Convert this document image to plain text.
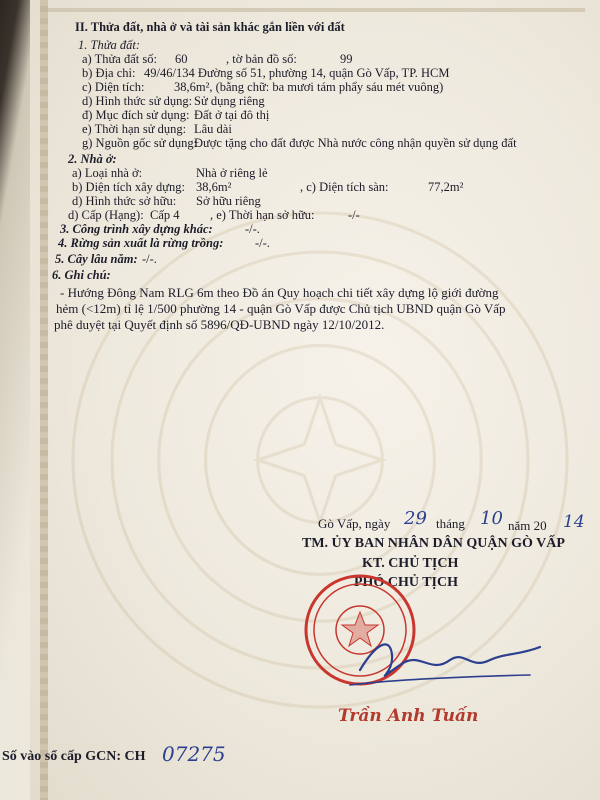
II. Thửa đất, nhà ở và tài sản khác gắn liền với đất
1. Thửa đất:
a) Thửa đất số: 60	, tờ bản đồ số:	99
b) Địa chỉ: 49/46/134 Đường số 51, phường 14, quận Gò Vấp, TP. HCM
c) Diện tích: 38,6m², (bằng chữ: ba mươi tám phẩy sáu mét vuông)
d) Hình thức sử dụng: Sử dụng riêng
đ) Mục đích sử dụng: Đất ở tại đô thị
e) Thời hạn sử dụng: Lâu dài
g) Nguồn gốc sử dụng:
Được tặng cho đất được Nhà nước công nhận quyền sử dụng đất
2. Nhà ở:
a) Loại nhà ở:	Nhà ở riêng lẻ
b) Diện tích xây dựng: 38,6m²	, c) Diện tích sàn:	77,2m²
d) Hình thức sở hữu: Sở hữu riêng
d) Cấp (Hạng): Cấp 4 , e) Thời hạn sở hữu:	-/-
3. Công trình xây dựng khác:	-/-.
4. Rừng sản xuất là rừng trồng:	-/-.
5. Cây lâu năm: -/-.
6. Ghi chú:
- Hướng Đông Nam RLG 6m theo Đồ án Quy hoạch chi tiết xây dựng lộ giới đường
hẻm (<12m) tỉ lệ 1/500 phường 14 - quận Gò Vấp được Chủ tịch UBND quận Gò Vấp
phê duyệt tại Quyết định số 5896/QĐ-UBND ngày 12/10/2012.
Gò Vấp, ngày 29 tháng 10 năm 20 14
TM. ỦY BAN NHÂN DÂN QUẬN GÒ VẤP
KT. CHỦ TỊCH
PHÓ CHỦ TỊCH
Trần Anh Tuấn
Số vào sổ cấp GCN: CH 07275
